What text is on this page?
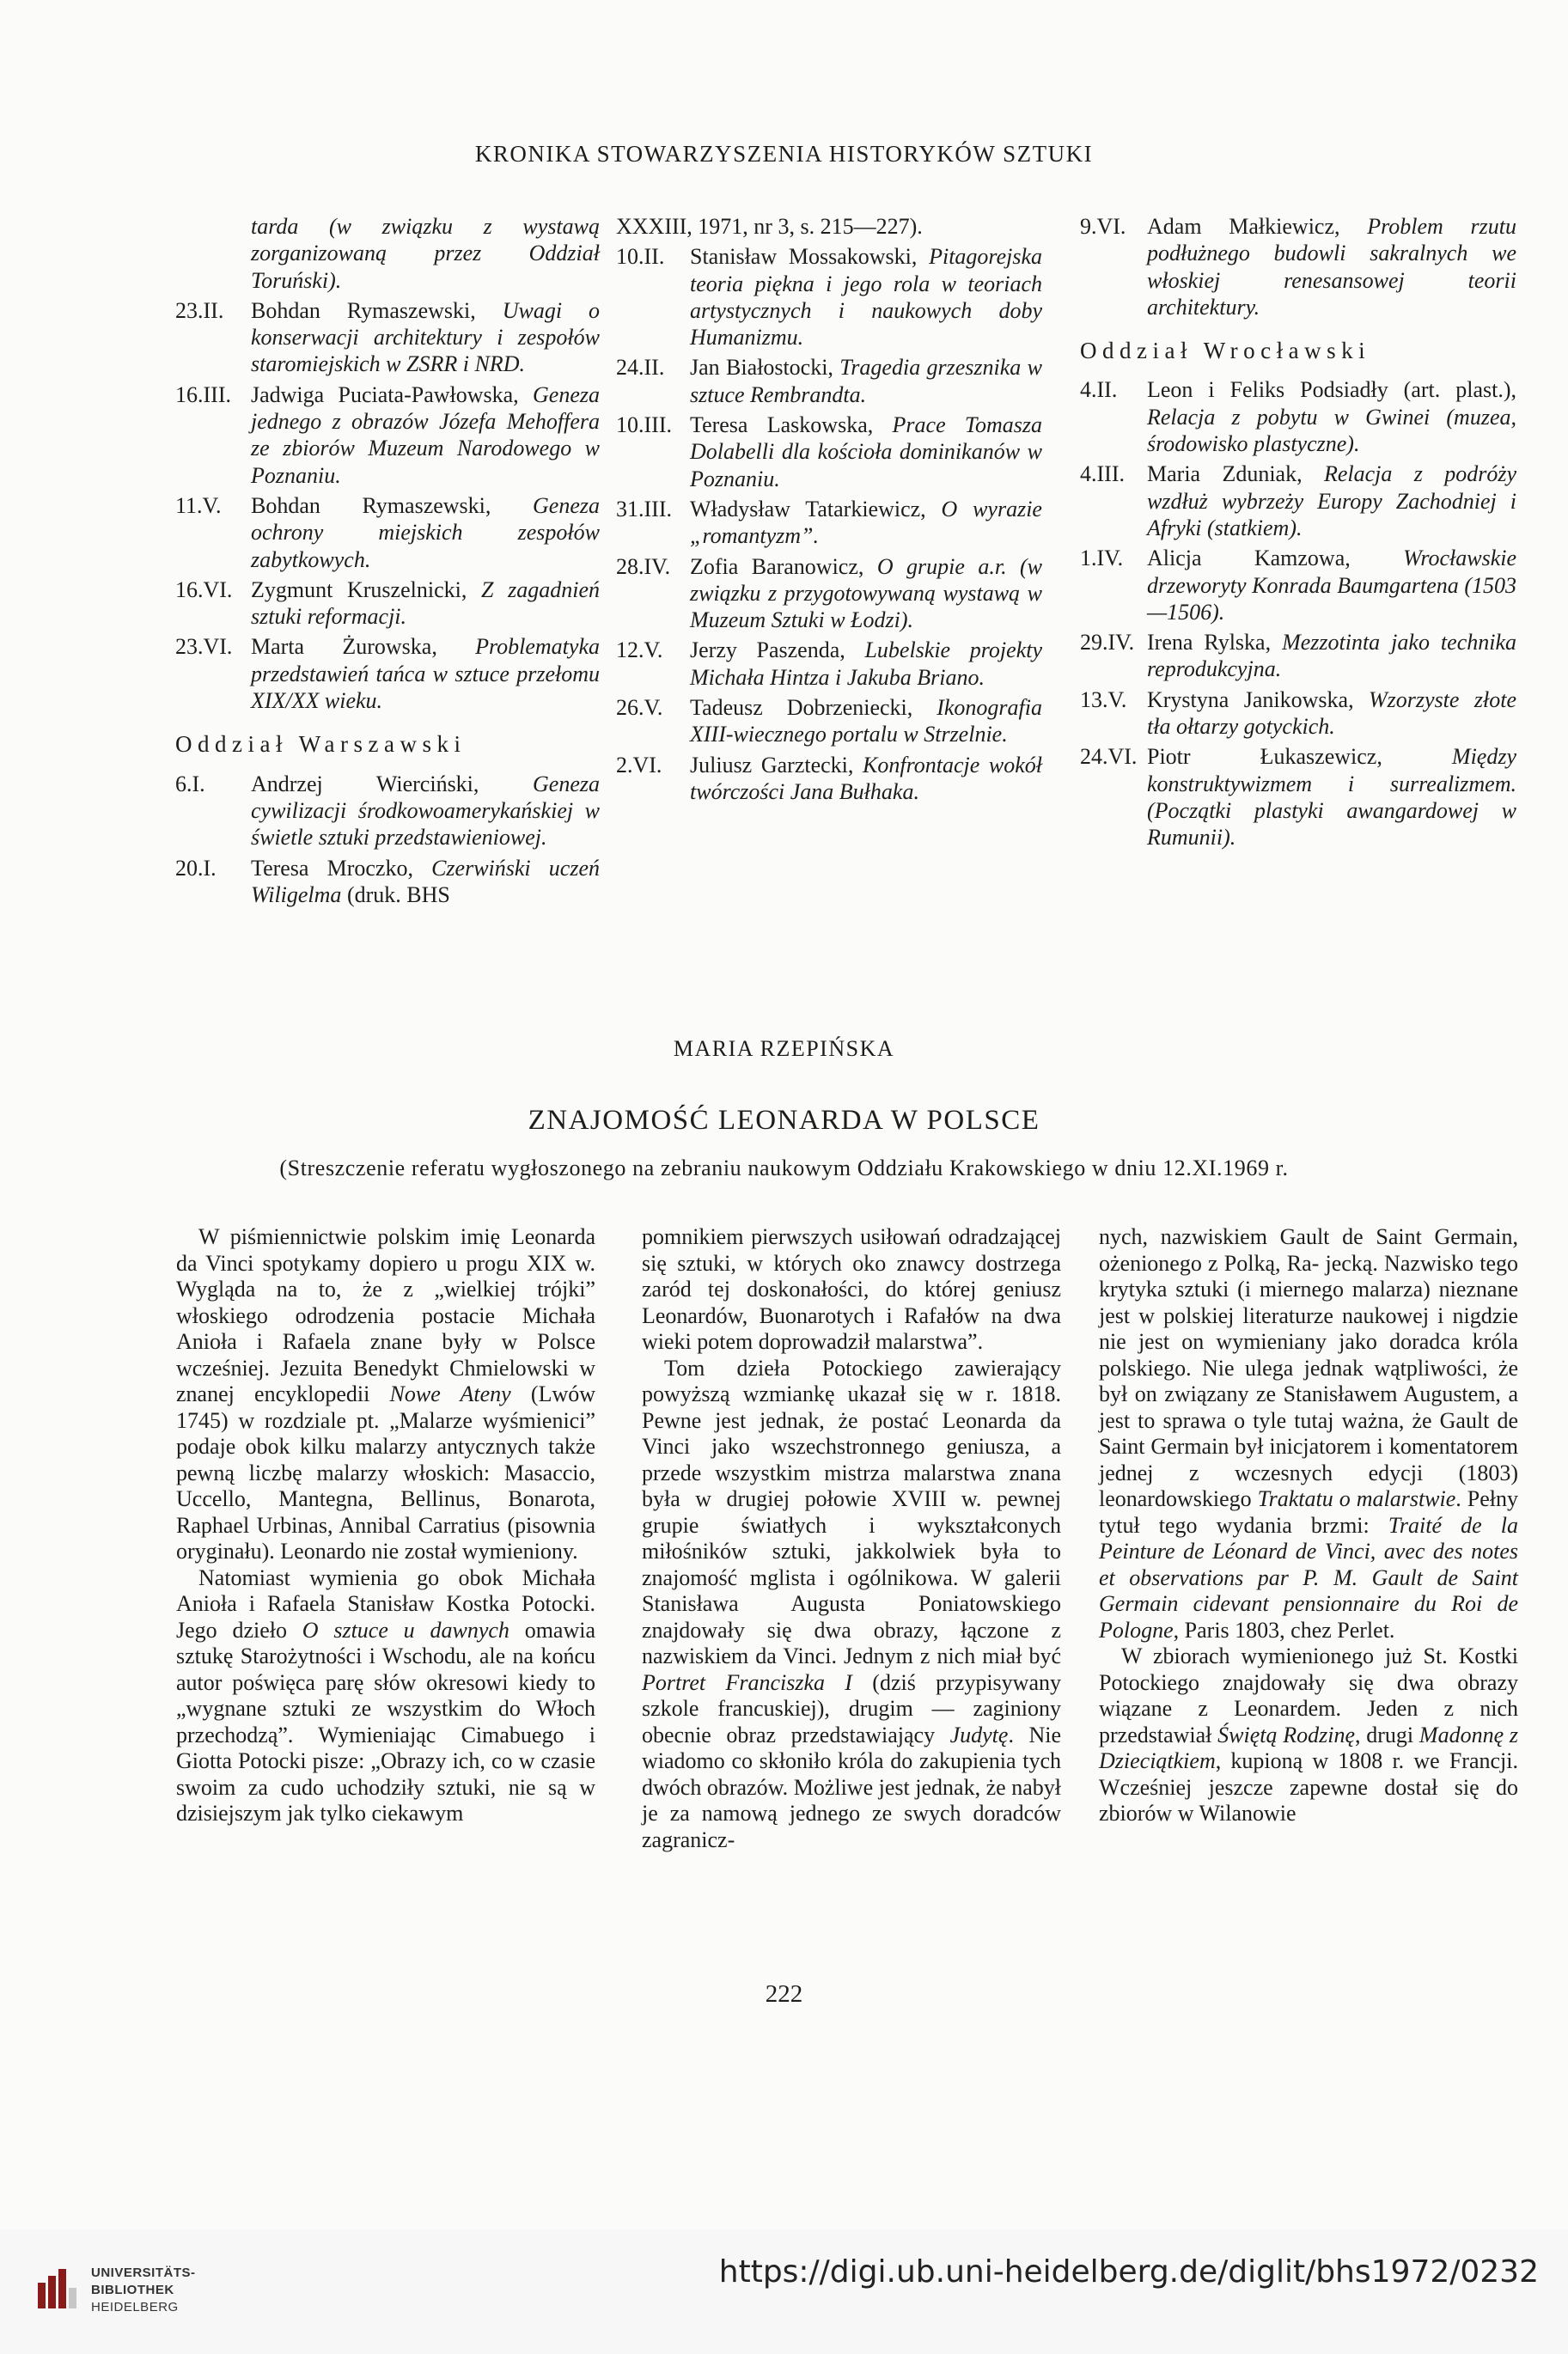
KRONIKA STOWARZYSZENIA HISTORYKÓW SZTUKI
tarda (w związku z wystawą zorganizowaną przez Oddział Toruński).
23.II.	Bohdan Rymaszewski, Uwagi o konserwacji architektury i zespołów staromiejskich w ZSRR i NRD.
16.III. Jadwiga Puciata-Pawłowska, Geneza jednego z obrazów Józefa Mehoffera ze zbiorów Muzeum Narodowego w Poznaniu.
11.V.	Bohdan Rymaszewski, Geneza ochrony miejskich zespołów zabytkowych.
16.VI. Zygmunt Kruszelnicki, Z zagadnień sztuki reformacji.
23.VI. Marta Żurowska, Problematyka przedstawień tańca w sztuce przełomu XIX/XX wieku.
Oddział Warszawski
6.I.	Andrzej Wierciński, Geneza cywilizacji środkowoamerykańskiej w świetle sztuki przedstawieniowej.
20.I.	Teresa Mroczko, Czerwiński uczeń Wiligelma (druk. BHS
XXXIII, 1971, nr 3, s. 215—227).
10.II.	Stanisław Mossakowski, Pitagorejska teoria piękna i jego rola w teoriach artystycznych i naukowych doby Humanizmu.
24.II.	Jan Białostocki, Tragedia grzesznika w sztuce Rembrandta.
10.III. Teresa Laskowska, Prace Tomasza Dolabelli dla kościoła dominikanów w Poznaniu.
31.III. Władysław Tatarkiewicz, O wyrazie „romantyzm”.
28.IV. Zofia Baranowicz, O grupie a.r. (w związku z przygotowywaną wystawą w Muzeum Sztuki w Łodzi).
12.V.	Jerzy Paszenda, Lubelskie projekty Michała Hintza i Jakuba Briano.
26.V.	Tadeusz Dobrzeniecki, Ikonografia XIII-wiecznego portalu w Strzelnie.
2.VI.	Juliusz Garztecki, Konfrontacje wokół twórczości Jana Bułhaka.
9.VI. Adam Małkiewicz, Problem rzutu podłużnego budowli sakralnych we włoskiej renesansowej teorii architektury.
Oddział Wrocławski
4.II.	Leon i Feliks Podsiadły (art. plast.), Relacja z pobytu w Gwinei (muzea, środowisko plastyczne).
4.III.	Maria Zduniak, Relacja z podróży wzdłuż wybrzeży Europy Zachodniej i Afryki (statkiem).
1.IV.	Alicja Kamzowa, Wrocławskie drzeworyty Konrada Baumgartena (1503—1506).
29.IV. Irena Rylska, Mezzotinta jako technika reprodukcyjna.
13.V. Krystyna Janikowska, Wzorzyste złote tła ołtarzy gotyckich.
24.VI. Piotr Łukaszewicz, Między konstruktywizmem i surrealizmem. (Początki plastyki awangardowej w Rumunii).
MARIA RZEPIŃSKA
ZNAJOMOŚĆ LEONARDA W POLSCE
(Streszczenie referatu wygłoszonego na zebraniu naukowym Oddziału Krakowskiego w dniu 12.XI.1969 r.

W piśmiennictwie polskim imię Leonarda da Vinci spotykamy dopiero u progu XIX w. Wygląda na to, że z „wielkiej trójki” włoskiego odrodzenia postacie Michała Anioła i Rafaela znane były w Polsce wcześniej. Jezuita Benedykt Chmielowski w znanej encyklopedii Nowe Ateny (Lwów 1745) w rozdziale pt. „Malarze wyśmienici” podaje obok kilku malarzy antycznych także pewną liczbę malarzy włoskich: Masaccio, Uccello, Mantegna, Bellinus, Bonarota, Raphael Urbinas, Annibal Carratius (pisownia oryginału). Leonardo nie został wymieniony.

Natomiast wymienia go obok Michała Anioła i Rafaela Stanisław Kostka Potocki. Jego dzieło O sztuce u dawnych omawia sztukę Starożytności i Wschodu, ale na końcu autor poświęca parę słów okresowi kiedy to „wygnane sztuki ze wszystkim do Włoch przechodzą”. Wymieniając Cimabuego i Giotta Potocki pisze: „Obrazy ich, co w czasie swoim za cudo uchodziły sztuki, nie są w dzisiejszym jak tylko ciekawym

pomnikiem pierwszych usiłowań odradzającej się sztuki, w których oko znawcy dostrzega zaród tej doskonałości, do której geniusz Leonardów, Buonarotych i Rafałów na dwa wieki potem doprowadził malarstwa”.

Tom dzieła Potockiego zawierający powyższą wzmiankę ukazał się w r. 1818. Pewne jest jednak, że postać Leonarda da Vinci jako wszechstronnego geniusza, a przede wszystkim mistrza malarstwa znana była w drugiej połowie XVIII w. pewnej grupie światłych i wykształconych miłośników sztuki, jakkolwiek była to znajomość mglista i ogólnikowa. W galerii Stanisława Augusta Poniatowskiego znajdowały się dwa obrazy, łączone z nazwiskiem da Vinci. Jednym z nich miał być Portret Franciszka I (dziś przypisywany szkole francuskiej), drugim — zaginiony obecnie obraz przedstawiający Judytę. Nie wiadomo co skłoniło króla do zakupienia tych dwóch obrazów. Możliwe jest jednak, że nabył je za namową jednego ze swych doradców zagranicz-

nych, nazwiskiem Gault de Saint Germain, ożenionego z Polką, Ra- jecką. Nazwisko tego krytyka sztuki (i miernego malarza) nieznane jest w polskiej literaturze naukowej i nigdzie nie jest on wymieniany jako doradca króla polskiego. Nie ulega jednak wątpliwości, że był on związany ze Stanisławem Augustem, a jest to sprawa o tyle tutaj ważna, że Gault de Saint Germain był inicjatorem i komentatorem jednej z wczesnych edycji (1803) leonardowskiego Traktatu o malarstwie. Pełny tytuł tego wydania brzmi: Traité de la Peinture de Léonard de Vinci, avec des notes et observations par P. M. Gault de Saint Germain cidevant pensionnaire du Roi de Pologne, Paris 1803, chez Perlet.

W zbiorach wymienionego już St. Kostki Potockiego znajdowały się dwa obrazy wiązane z Leonardem. Jeden z nich przedstawiał Świętą Rodzinę, drugi Madonnę z Dzieciątkiem, kupioną w 1808 r. we Francji. Wcześniej jeszcze zapewne dostał się do zbiorów w Wilanowie

222
UNIVERSITÄTS-
BIBLIOTHEK
HEIDELBERG
https://digi.ub.uni-heidelberg.de/diglit/bhs1972/0232
